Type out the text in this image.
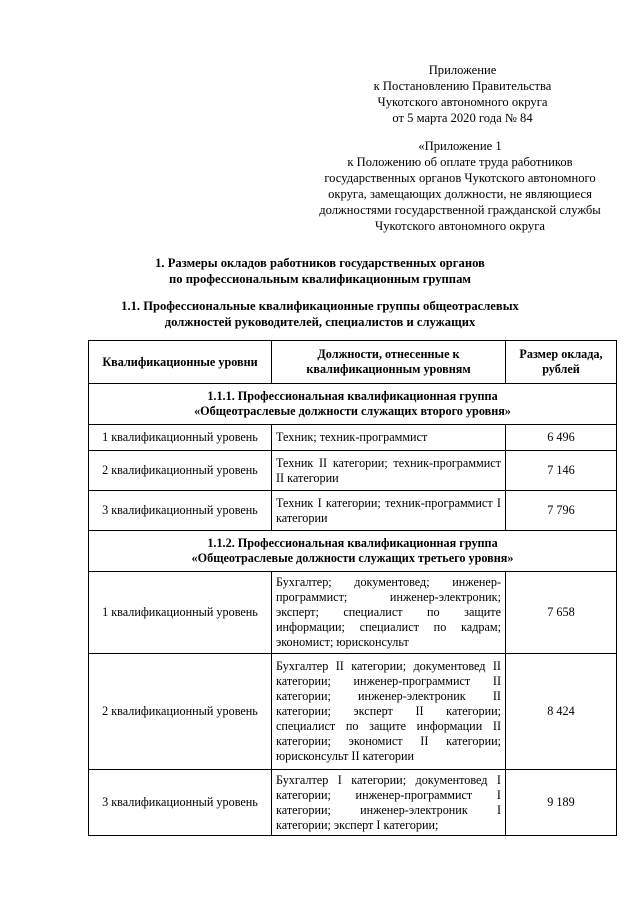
Приложение
к Постановлению Правительства
Чукотского автономного округа
от 5 марта 2020 года № 84
«Приложение 1
к Положению об оплате труда работников
государственных органов Чукотского автономного
округа, замещающих должности, не являющиеся
должностями государственной гражданской службы
Чукотского автономного округа
1. Размеры окладов работников государственных органов
по профессиональным квалификационным группам
1.1. Профессиональные квалификационные группы общеотраслевых
должностей руководителей, специалистов и служащих
Квалификационные уровни	Должности, отнесенные к квалификационным уровням	Размер оклада, рублей

1.1.1. Профессиональная квалификационная группа
«Общеотраслевые должности служащих второго уровня»		

1 квалификационный уровень	Техник; техник-программист	6 496
2 квалификационный уровень	Техник II категории; техник-программист II категории	7 146
3 квалификационный уровень	Техник I категории; техник-программист I категории	7 796

1.1.2. Профессиональная квалификационная группа
«Общеотраслевые должности служащих третьего уровня»		

1 квалификационный уровень	Бухгалтер; документовед; инженер-программист; инженер-электроник; эксперт; специалист по защите информации; специалист по кадрам; экономист; юрисконсульт	7 658
2 квалификационный уровень	Бухгалтер II категории; документовед II категории; инженер-программист II категории; инженер-электроник II категории; эксперт II категории; специалист по защите информации II категории; экономист II категории; юрисконсульт II категории	8 424
3 квалификационный уровень	Бухгалтер I категории; документовед I категории; инженер-программист I категории; инженер-электроник I категории; эксперт I категории;	9 189
